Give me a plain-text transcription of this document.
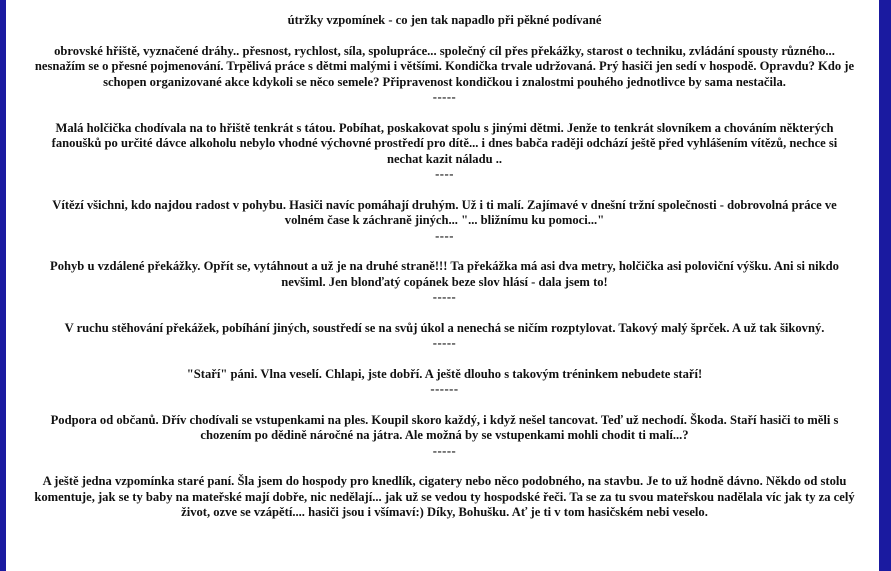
útržky vzpomínek - co jen tak napadlo při pěkné podívané

obrovské hřiště, vyznačené dráhy.. přesnost, rychlost, síla, spolupráce... společný cíl přes překážky, starost o techniku, zvládání spousty různého... nesnažím se o přesné pojmenování. Trpělivá práce s dětmi malými i většími. Kondička trvale udržovaná. Prý hasiči jen sedí v hospodě. Opravdu? Kdo je schopen organizované akce kdykoli se něco semele? Připravenost kondičkou i znalostmi pouhého jednotlivce by sama nestačila.

-----

Malá holčička chodívala na to hřiště tenkrát s tátou. Pobíhat, poskakovat spolu s jinými dětmi. Jenže to tenkrát slovníkem a chováním některých fanoušků po určité dávce alkoholu nebylo vhodné výchovné prostředí pro dítě... i dnes babča raději odchází ještě před vyhlášením vítězů, nechce si nechat kazit náladu ..

----

Vítězí všichni, kdo najdou radost v pohybu. Hasiči navíc pomáhají druhým. Už i ti malí. Zajímavé v dnešní tržní společnosti - dobrovolná práce ve volném čase k záchraně jiných... "... bližnímu ku pomoci..."

----

Pohyb u vzdálené překážky. Opřít se, vytáhnout a už je na druhé straně!!! Ta překážka má asi dva metry, holčička asi poloviční výšku. Ani si nikdo nevšiml. Jen blonďatý copánek beze slov hlásí - dala jsem to!

-----

V ruchu stěhování překážek, pobíhání jiných, soustředí se na svůj úkol a nenechá se ničím rozptylovat. Takový malý šprček. A už tak šikovný.

-----

"Staří" páni. Vlna veselí. Chlapi, jste dobří. A ještě dlouho s takovým tréninkem nebudete staří!

------

Podpora od občanů. Dřív chodívali se vstupenkami na ples. Koupil skoro každý, i když nešel tancovat. Teď už nechodí. Škoda. Staří hasiči to měli s chozením po dědině náročné na játra. Ale možná by se vstupenkami mohli chodit ti malí...?

-----

A ještě jedna vzpomínka staré paní. Šla jsem do hospody pro knedlík, cigatery nebo něco podobného, na stavbu. Je to už hodně dávno. Někdo od stolu komentuje, jak se ty baby na mateřské mají dobře, nic nedělají... jak už se vedou ty hospodské řeči. Ta se za tu svou mateřskou nadělala víc jak ty za celý život, ozve se vzápětí.... hasiči jsou i všímaví:) Díky, Bohušku. Ať je ti v tom hasičském nebi veselo.
